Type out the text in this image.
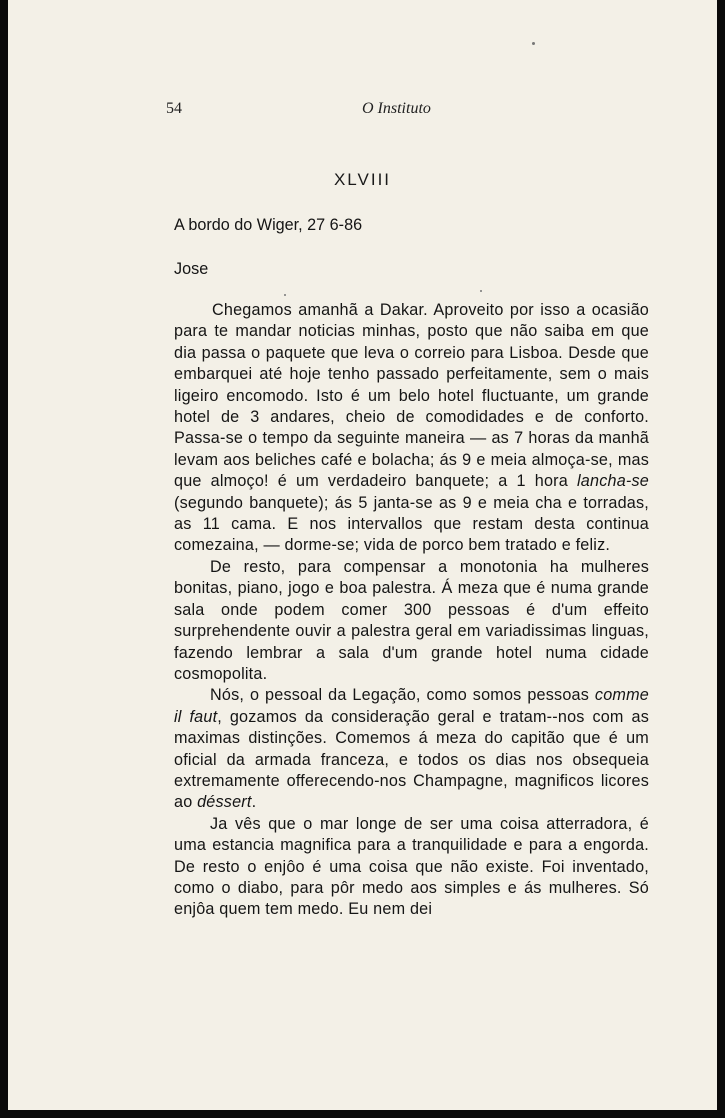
54	O Instituto
XLVIII
A bordo do Wiger, 27 6-86
Jose

Chegamos amanhã a Dakar. Aproveito por isso a ocasião para te mandar noticias minhas, posto que não saiba em que dia passa o paquete que leva o correio para Lisboa. Desde que embarquei até hoje tenho passado perfeitamente, sem o mais ligeiro encomodo. Isto é um belo hotel fluctuante, um grande hotel de 3 andares, cheio de comodidades e de conforto. Passa-se o tempo da seguinte maneira — as 7 horas da manhã levam aos beliches café e bolacha; ás 9 e meia almoça-se, mas que almoço! é um verdadeiro banquete; a 1 hora lancha-se (segundo banquete); ás 5 janta-se as 9 e meia cha e torradas, as 11 cama. E nos intervallos que restam desta continua comezaina, — dorme-se; vida de porco bem tratado e feliz.

De resto, para compensar a monotonia ha mulheres bonitas, piano, jogo e boa palestra. Á meza que é numa grande sala onde podem comer 300 pessoas é d'um effeito surprehendente ouvir a palestra geral em variadissimas linguas, fazendo lembrar a sala d'um grande hotel numa cidade cosmopolita.

Nós, o pessoal da Legação, como somos pessoas comme il faut, gozamos da consideração geral e tratam--nos com as maximas distinções. Comemos á meza do capitão que é um oficial da armada franceza, e todos os dias nos obsequeia extremamente offerecendo-nos Champagne, magnificos licores ao déssert.

Ja vês que o mar longe de ser uma coisa atterradora, é uma estancia magnifica para a tranquilidade e para a engorda. De resto o enjôo é uma coisa que não existe. Foi inventado, como o diabo, para pôr medo aos simples e ás mulheres. Só enjôa quem tem medo. Eu nem dei
